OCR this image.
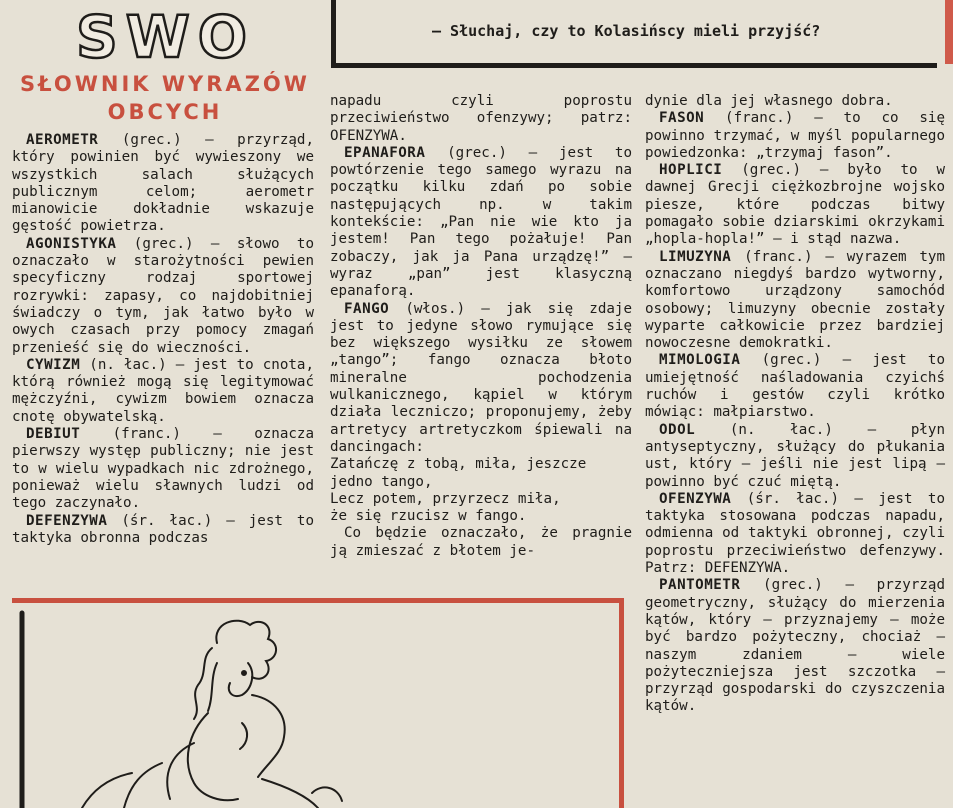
SWO
SŁOWNIK WYRAZÓW OBCYCH

— Słuchaj, czy to Kolasińscy mieli przyjść?

AEROMETR (grec.) — przyrząd, który powinien być wywieszony we wszystkich salach służących publicznym celom; aerometr mianowicie dokładnie wskazuje gęstość powietrza.

AGONISTYKA (grec.) — słowo to oznaczało w starożytności pewien specyficzny rodzaj sportowej rozrywki: zapasy, co najdobitniej świadczy o tym, jak łatwo było w owych czasach przy pomocy zmagań przenieść się do wieczności.

CYWIZM (n. łac.) — jest to cnota, którą również mogą się legitymować mężczyźni, cywizm bowiem oznacza cnotę obywatelską.

DEBIUT (franc.) — oznacza pierwszy występ publiczny; nie jest to w wielu wypadkach nic zdrożnego, ponieważ wielu sławnych ludzi od tego zaczynało.

DEFENZYWA (śr. łac.) — jest to taktyka obronna podczas

napadu czyli poprostu przeciwieństwo ofenzywy; patrz: OFENZYWA.

EPANAFORA (grec.) — jest to powtórzenie tego samego wyrazu na początku kilku zdań po sobie następujących np. w takim kontekście: „Pan nie wie kto ja jestem! Pan tego pożałuje! Pan zobaczy, jak ja Pana urządzę!” — wyraz „pan” jest klasyczną epanaforą.

FANGO (włos.) — jak się zdaje jest to jedyne słowo rymujące się bez większego wysiłku ze słowem „tango”; fango oznacza błoto mineralne pochodzenia wulkanicznego, kąpiel w którym działa leczniczo; proponujemy, żeby artretycy artretyczkom śpiewali na dancingach:

Zatańczę z tobą, miła, jeszcze

jedno tango,

Lecz potem, przyrzecz miła,

że się rzucisz w fango.

Co będzie oznaczało, że pragnie ją zmieszać z błotem je-

dynie dla jej własnego dobra.

FASON (franc.) — to co się powinno trzymać, w myśl popularnego powiedzonka: „trzymaj fason”.

HOPLICI (grec.) — było to w dawnej Grecji ciężkozbrojne wojsko piesze, które podczas bitwy pomagało sobie dziarskimi okrzykami „hopla-hopla!” — i stąd nazwa.

LIMUZYNA (franc.) — wyrazem tym oznaczano niegdyś bardzo wytworny, komfortowo urządzony samochód osobowy; limuzyny obecnie zostały wyparte całkowicie przez bardziej nowoczesne demokratki.

MIMOLOGIA (grec.) — jest to umiejętność naśladowania czyichś ruchów i gestów czyli krótko mówiąc: małpiarstwo.

ODOL (n. łac.) — płyn antyseptyczny, służący do płukania ust, który — jeśli nie jest lipą — powinno być czuć miętą.

OFENZYWA (śr. łac.) — jest to taktyka stosowana podczas napadu, odmienna od taktyki obronnej, czyli poprostu przeciwieństwo defenzywy. Patrz: DEFENZYWA.

PANTOMETR (grec.) — przyrząd geometryczny, służący do mierzenia kątów, który — przyznajemy — może być bardzo pożyteczny, chociaż — naszym zdaniem — wiele pożyteczniejsza jest szczotka — przyrząd gospodarski do czyszczenia kątów.
